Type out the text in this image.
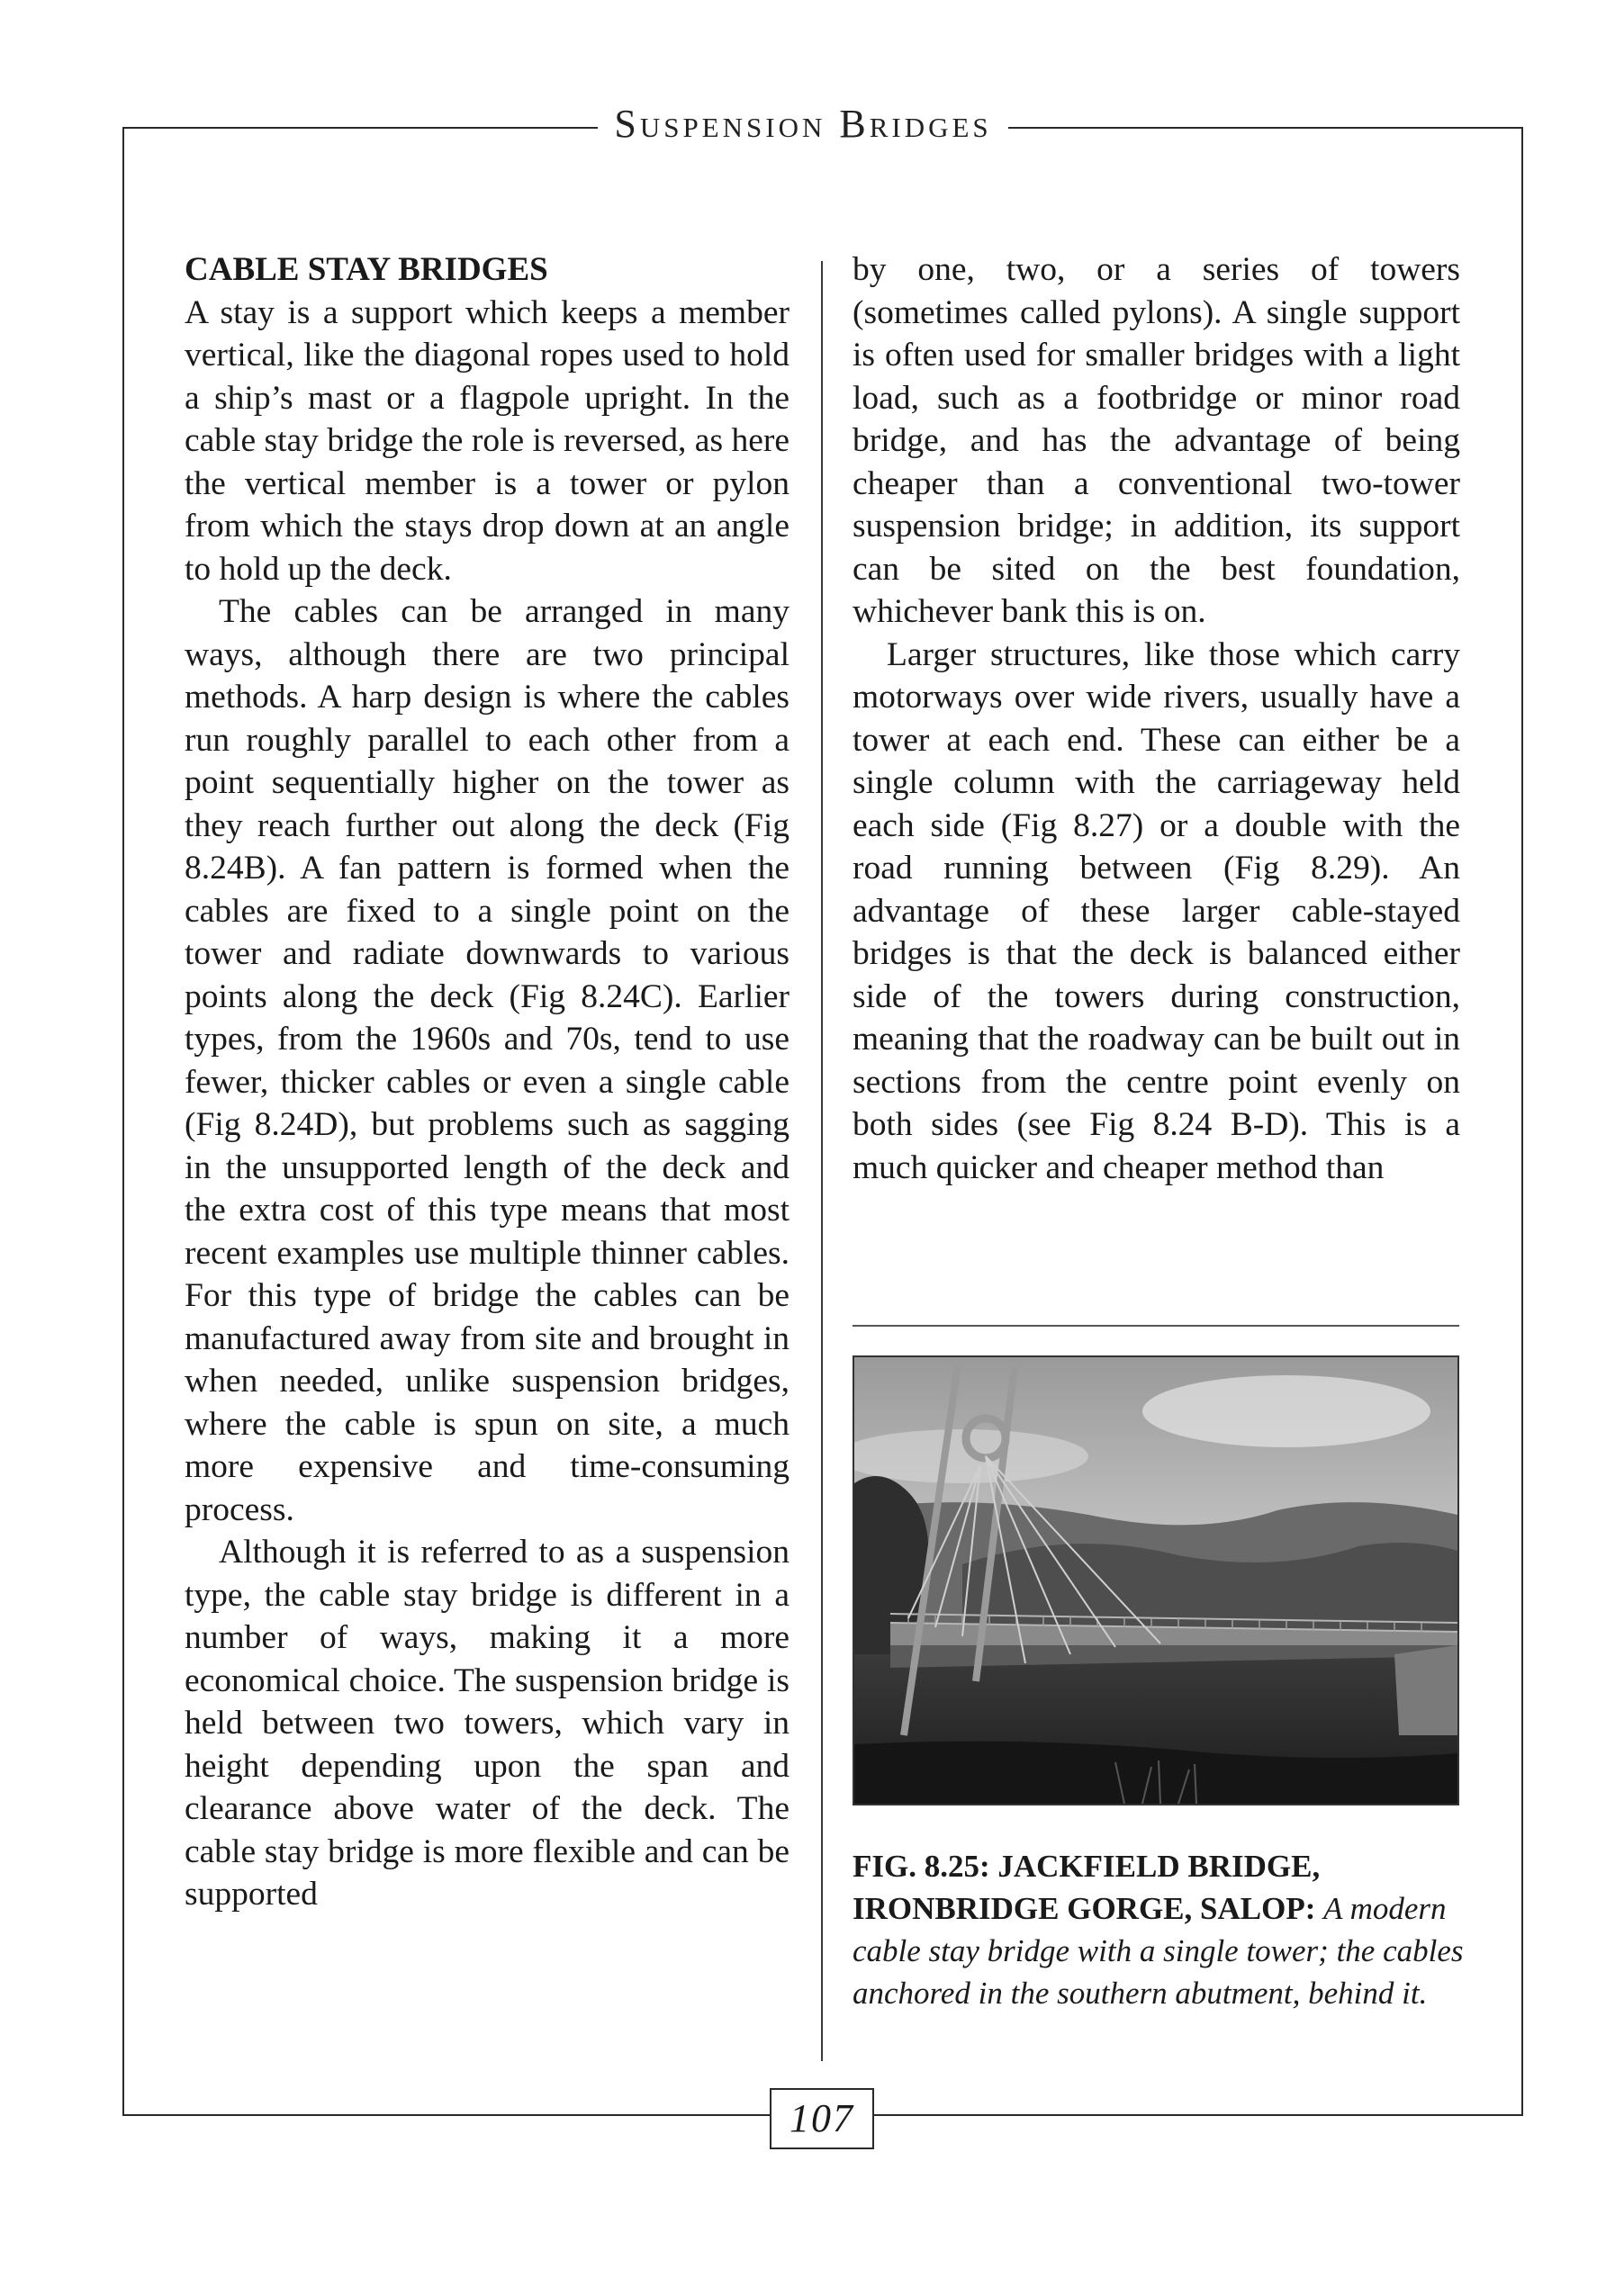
Suspension Bridges

CABLE STAY BRIDGES

A stay is a support which keeps a member vertical, like the diagonal ropes used to hold a ship’s mast or a flagpole upright. In the cable stay bridge the role is reversed, as here the vertical member is a tower or pylon from which the stays drop down at an angle to hold up the deck.

The cables can be arranged in many ways, although there are two principal methods. A harp design is where the cables run roughly parallel to each other from a point sequentially higher on the tower as they reach further out along the deck (Fig 8.24B). A fan pattern is formed when the cables are fixed to a single point on the tower and radiate downwards to various points along the deck (Fig 8.24C). Earlier types, from the 1960s and 70s, tend to use fewer, thicker cables or even a single cable (Fig 8.24D), but problems such as sagging in the unsupported length of the deck and the extra cost of this type means that most recent examples use multiple thinner cables. For this type of bridge the cables can be manufactured away from site and brought in when needed, unlike suspension bridges, where the cable is spun on site, a much more expensive and time-consuming process.

Although it is referred to as a suspension type, the cable stay bridge is different in a number of ways, making it a more economical choice. The suspension bridge is held between two towers, which vary in height depending upon the span and clearance above water of the deck. The cable stay bridge is more flexible and can be supported

by one, two, or a series of towers (sometimes called pylons). A single support is often used for smaller bridges with a light load, such as a footbridge or minor road bridge, and has the advantage of being cheaper than a conventional two-tower suspension bridge; in addition, its support can be sited on the best foundation, whichever bank this is on.

Larger structures, like those which carry motorways over wide rivers, usually have a tower at each end. These can either be a single column with the carriageway held each side (Fig 8.27) or a double with the road running between (Fig 8.29). An advantage of these larger cable-stayed bridges is that the deck is balanced either side of the towers during construction, meaning that the roadway can be built out in sections from the centre point evenly on both sides (see Fig 8.24 B-D). This is a much quicker and cheaper method than

FIG. 8.25: JACKFIELD BRIDGE, IRONBRIDGE GORGE, SALOP: A modern cable stay bridge with a single tower; the cables anchored in the southern abutment, behind it.
107
